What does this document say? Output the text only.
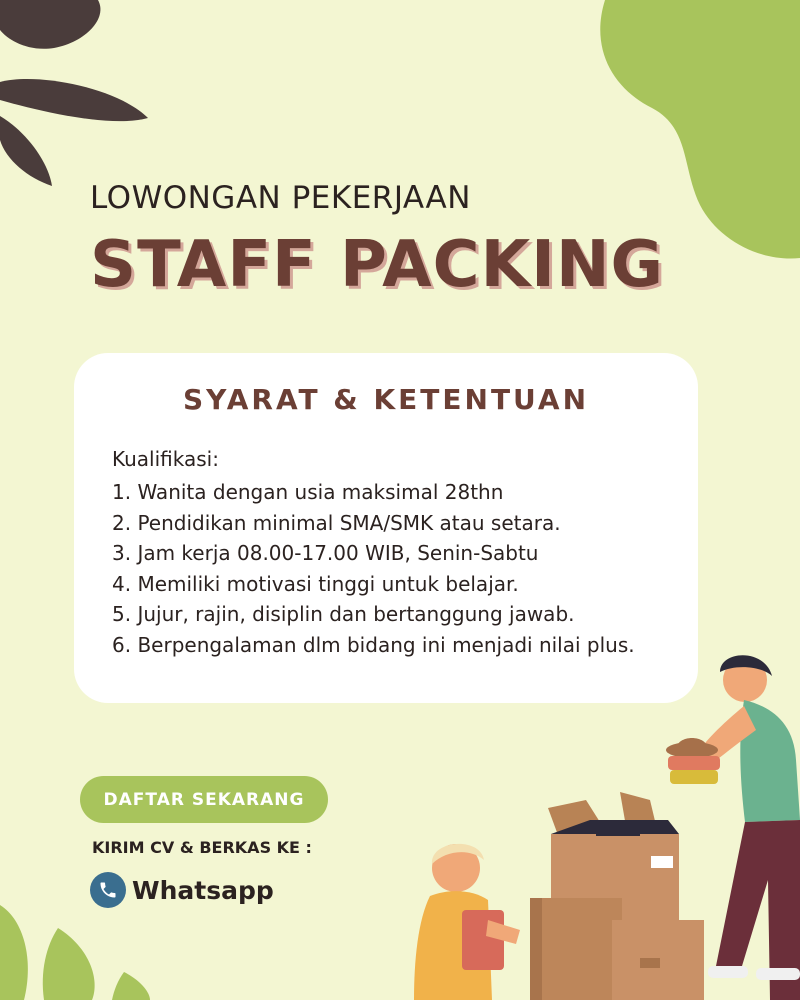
LOWONGAN PEKERJAAN
STAFF PACKING
SYARAT & KETENTUAN
Kualifikasi:
1. Wanita dengan usia maksimal 28thn
2. Pendidikan minimal SMA/SMK atau setara.
3. Jam kerja 08.00-17.00 WIB, Senin-Sabtu
4. Memiliki motivasi tinggi untuk belajar.
5. Jujur, rajin, disiplin dan bertanggung jawab.
6. Berpengalaman dlm bidang ini menjadi nilai plus.
DAFTAR SEKARANG
KIRIM CV & BERKAS KE :
Whatsapp
